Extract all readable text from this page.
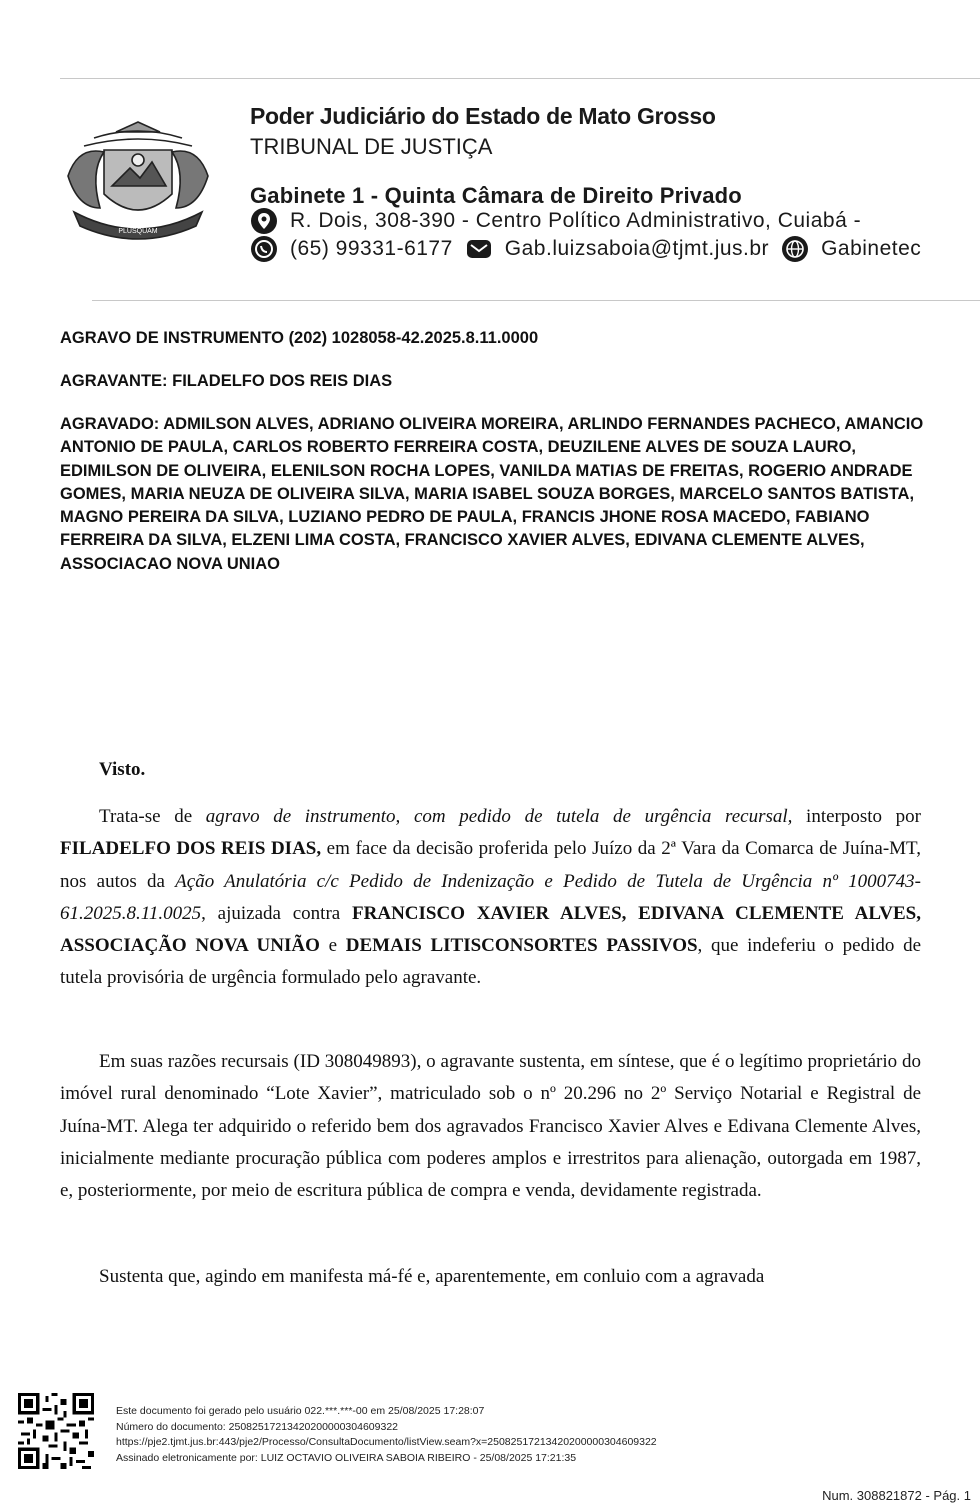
PLUSQUAM
Poder Judiciário do Estado de Mato Grosso
TRIBUNAL DE JUSTIÇA
Gabinete 1 - Quinta Câmara de Direito Privado
R. Dois, 308-390 - Centro Político Administrativo, Cuiabá -
(65) 99331-6177 Gab.luizsaboia@tjmt.jus.br Gabinetec

AGRAVO DE INSTRUMENTO (202) 1028058-42.2025.8.11.0000

AGRAVANTE: FILADELFO DOS REIS DIAS

AGRAVADO: ADMILSON ALVES, ADRIANO OLIVEIRA MOREIRA, ARLINDO FERNANDES PACHECO, AMANCIO ANTONIO DE PAULA, CARLOS ROBERTO FERREIRA COSTA, DEUZILENE ALVES DE SOUZA LAURO, EDIMILSON DE OLIVEIRA, ELENILSON ROCHA LOPES, VANILDA MATIAS DE FREITAS, ROGERIO ANDRADE GOMES, MARIA NEUZA DE OLIVEIRA SILVA, MARIA ISABEL SOUZA BORGES, MARCELO SANTOS BATISTA, MAGNO PEREIRA DA SILVA, LUZIANO PEDRO DE PAULA, FRANCIS JHONE ROSA MACEDO, FABIANO FERREIRA DA SILVA, ELZENI LIMA COSTA, FRANCISCO XAVIER ALVES, EDIVANA CLEMENTE ALVES, ASSOCIACAO NOVA UNIAO

Visto.

Trata-se de agravo de instrumento, com pedido de tutela de urgência recursal, interposto por FILADELFO DOS REIS DIAS, em face da decisão proferida pelo Juízo da 2ª Vara da Comarca de Juína-MT, nos autos da Ação Anulatória c/c Pedido de Indenização e Pedido de Tutela de Urgência nº 1000743-61.2025.8.11.0025, ajuizada contra FRANCISCO XAVIER ALVES, EDIVANA CLEMENTE ALVES, ASSOCIAÇÃO NOVA UNIÃO e DEMAIS LITISCONSORTES PASSIVOS, que indeferiu o pedido de tutela provisória de urgência formulado pelo agravante.

Em suas razões recursais (ID 308049893), o agravante sustenta, em síntese, que é o legítimo proprietário do imóvel rural denominado “Lote Xavier”, matriculado sob o nº 20.296 no 2º Serviço Notarial e Registral de Juína-MT. Alega ter adquirido o referido bem dos agravados Francisco Xavier Alves e Edivana Clemente Alves, inicialmente mediante procuração pública com poderes amplos e irrestritos para alienação, outorgada em 1987, e, posteriormente, por meio de escritura pública de compra e venda, devidamente registrada.

Sustenta que, agindo em manifesta má-fé e, aparentemente, em conluio com a agravada

Este documento foi gerado pelo usuário 022.***.***-00 em 25/08/2025 17:28:07
Número do documento: 25082517213420200000304609322
https://pje2.tjmt.jus.br:443/pje2/Processo/ConsultaDocumento/listView.seam?x=25082517213420200000304609322
Assinado eletronicamente por: LUIZ OCTAVIO OLIVEIRA SABOIA RIBEIRO - 25/08/2025 17:21:35
Num. 308821872 - Pág. 1
